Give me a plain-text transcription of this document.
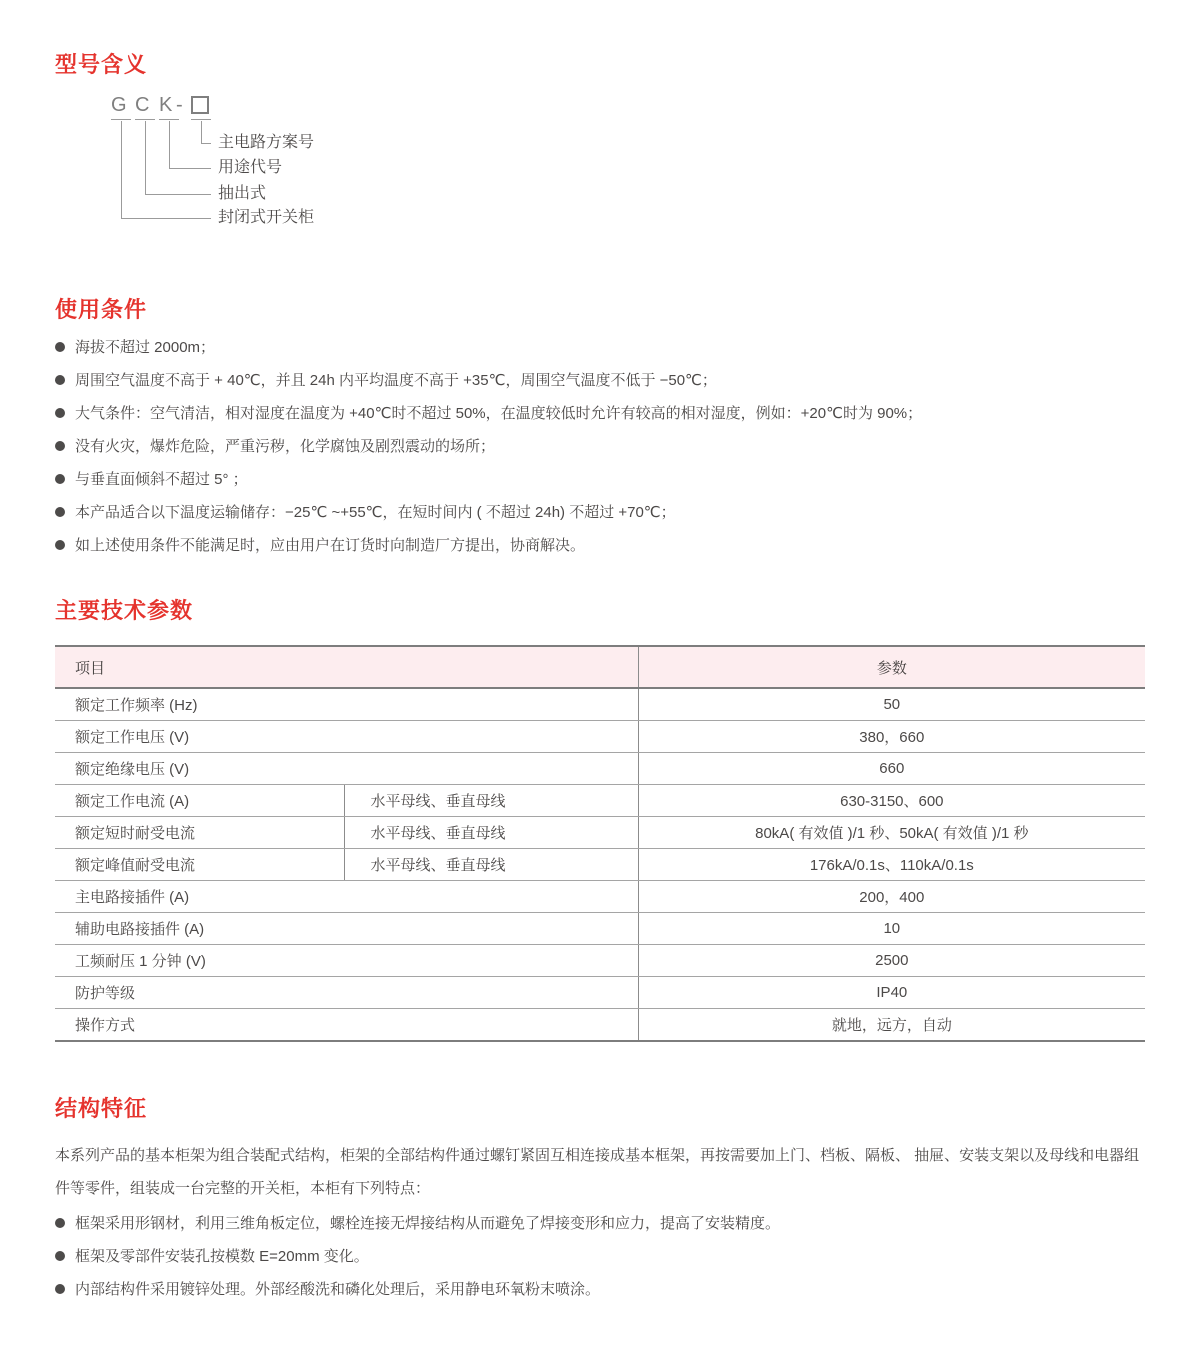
型号含义
G C K -
主电路方案号
用途代号
抽出式
封闭式开关柜
使用条件
海拔不超过 2000m；
周围空气温度不高于 + 40℃，并且 24h 内平均温度不高于 +35℃，周围空气温度不低于 −50℃；
大气条件：空气清洁，相对湿度在温度为 +40℃时不超过 50%，在温度较低时允许有较高的相对湿度，例如：+20℃时为 90%；
没有火灾，爆炸危险，严重污秽，化学腐蚀及剧烈震动的场所；
与垂直面倾斜不超过 5° ；
本产品适合以下温度运输储存：−25℃ ~+55℃，在短时间内 ( 不超过 24h) 不超过 +70℃；
如上述使用条件不能满足时，应由用户在订货时向制造厂方提出，协商解决。
主要技术参数
项目		参数
额定工作频率 (Hz)		50
额定工作电压 (V)		380，660
额定绝缘电压 (V)		660
额定工作电流 (A)	水平母线、垂直母线	630-3150、600
额定短时耐受电流	水平母线、垂直母线	80kA( 有效值 )/1 秒、50kA( 有效值 )/1 秒
额定峰值耐受电流	水平母线、垂直母线	176kA/0.1s、110kA/0.1s
主电路接插件 (A)		200，400
辅助电路接插件 (A)		10
工频耐压 1 分钟 (V)		2500
防护等级		IP40
操作方式		就地，远方，自动
结构特征

本系列产品的基本柜架为组合装配式结构，柜架的全部结构件通过螺钉紧固互相连接成基本框架，再按需要加上门、档板、隔板、 抽屉、安装支架以及母线和电器组件等零件，组装成一台完整的开关柜，本柜有下列特点：

框架采用形钢材，利用三维角板定位，螺栓连接无焊接结构从而避免了焊接变形和应力，提高了安装精度。
框架及零部件安装孔按模数 E=20mm 变化。
内部结构件采用镀锌处理。外部经酸洗和磷化处理后，采用静电环氧粉末喷涂。
